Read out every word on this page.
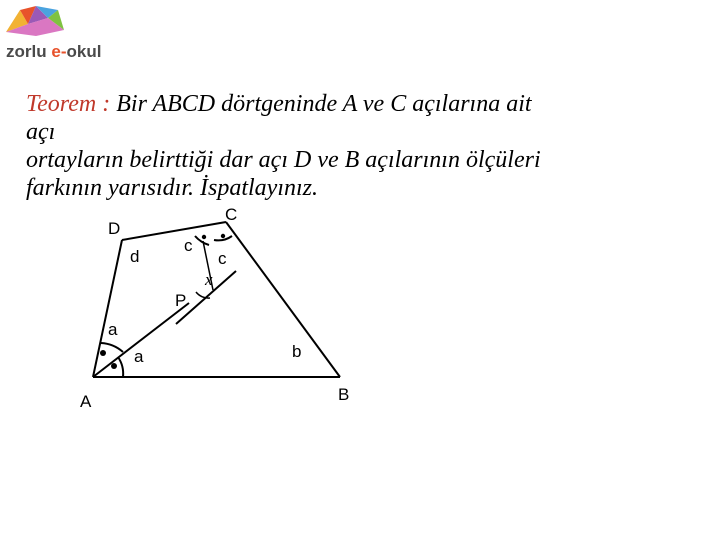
zorlu e-okul

Teorem : Bir ABCD dörtgeninde A ve C açılarına ait
açı
ortayların belirttiği dar açı D ve B açılarının ölçüleri
farkının yarısıdır. İspatlayınız.

D
C
A	B
P
d
c
c
x
a
a	b
